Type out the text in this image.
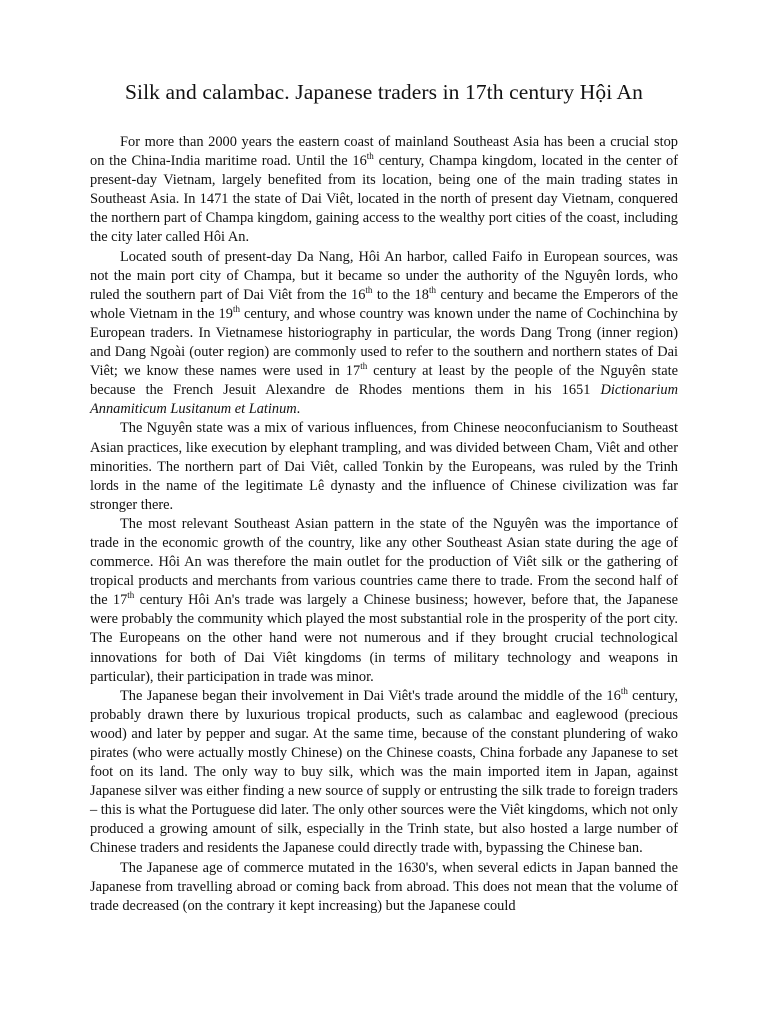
Silk and calambac. Japanese traders in 17th century Hội An

For more than 2000 years the eastern coast of mainland Southeast Asia has been a crucial stop on the China-India maritime road. Until the 16th century, Champa kingdom, located in the center of present-day Vietnam, largely benefited from its location, being one of the main trading states in Southeast Asia. In 1471 the state of Dai Viêt, located in the north of present day Vietnam, conquered the northern part of Champa kingdom, gaining access to the wealthy port cities of the coast, including the city later called Hôi An.

Located south of present-day Da Nang, Hôi An harbor, called Faifo in European sources, was not the main port city of Champa, but it became so under the authority of the Nguyên lords, who ruled the southern part of Dai Viêt from the 16th to the 18th century and became the Emperors of the whole Vietnam in the 19th century, and whose country was known under the name of Cochinchina by European traders. In Vietnamese historiography in particular, the words Dang Trong (inner region) and Dang Ngoài (outer region) are commonly used to refer to the southern and northern states of Dai Viêt; we know these names were used in 17th century at least by the people of the Nguyên state because the French Jesuit Alexandre de Rhodes mentions them in his 1651 Dictionarium Annamiticum Lusitanum et Latinum.

The Nguyên state was a mix of various influences, from Chinese neoconfucianism to Southeast Asian practices, like execution by elephant trampling, and was divided between Cham, Viêt and other minorities. The northern part of Dai Viêt, called Tonkin by the Europeans, was ruled by the Trinh lords in the name of the legitimate Lê dynasty and the influence of Chinese civilization was far stronger there.

The most relevant Southeast Asian pattern in the state of the Nguyên was the importance of trade in the economic growth of the country, like any other Southeast Asian state during the age of commerce. Hôi An was therefore the main outlet for the production of Viêt silk or the gathering of tropical products and merchants from various countries came there to trade. From the second half of the 17th century Hôi An's trade was largely a Chinese business; however, before that, the Japanese were probably the community which played the most substantial role in the prosperity of the port city. The Europeans on the other hand were not numerous and if they brought crucial technological innovations for both of Dai Viêt kingdoms (in terms of military technology and weapons in particular), their participation in trade was minor.

The Japanese began their involvement in Dai Viêt's trade around the middle of the 16th century, probably drawn there by luxurious tropical products, such as calambac and eaglewood (precious wood) and later by pepper and sugar. At the same time, because of the constant plundering of wako pirates (who were actually mostly Chinese) on the Chinese coasts, China forbade any Japanese to set foot on its land. The only way to buy silk, which was the main imported item in Japan, against Japanese silver was either finding a new source of supply or entrusting the silk trade to foreign traders – this is what the Portuguese did later. The only other sources were the Viêt kingdoms, which not only produced a growing amount of silk, especially in the Trinh state, but also hosted a large number of Chinese traders and residents the Japanese could directly trade with, bypassing the Chinese ban.

The Japanese age of commerce mutated in the 1630's, when several edicts in Japan banned the Japanese from travelling abroad or coming back from abroad. This does not mean that the volume of trade decreased (on the contrary it kept increasing) but the Japanese could
